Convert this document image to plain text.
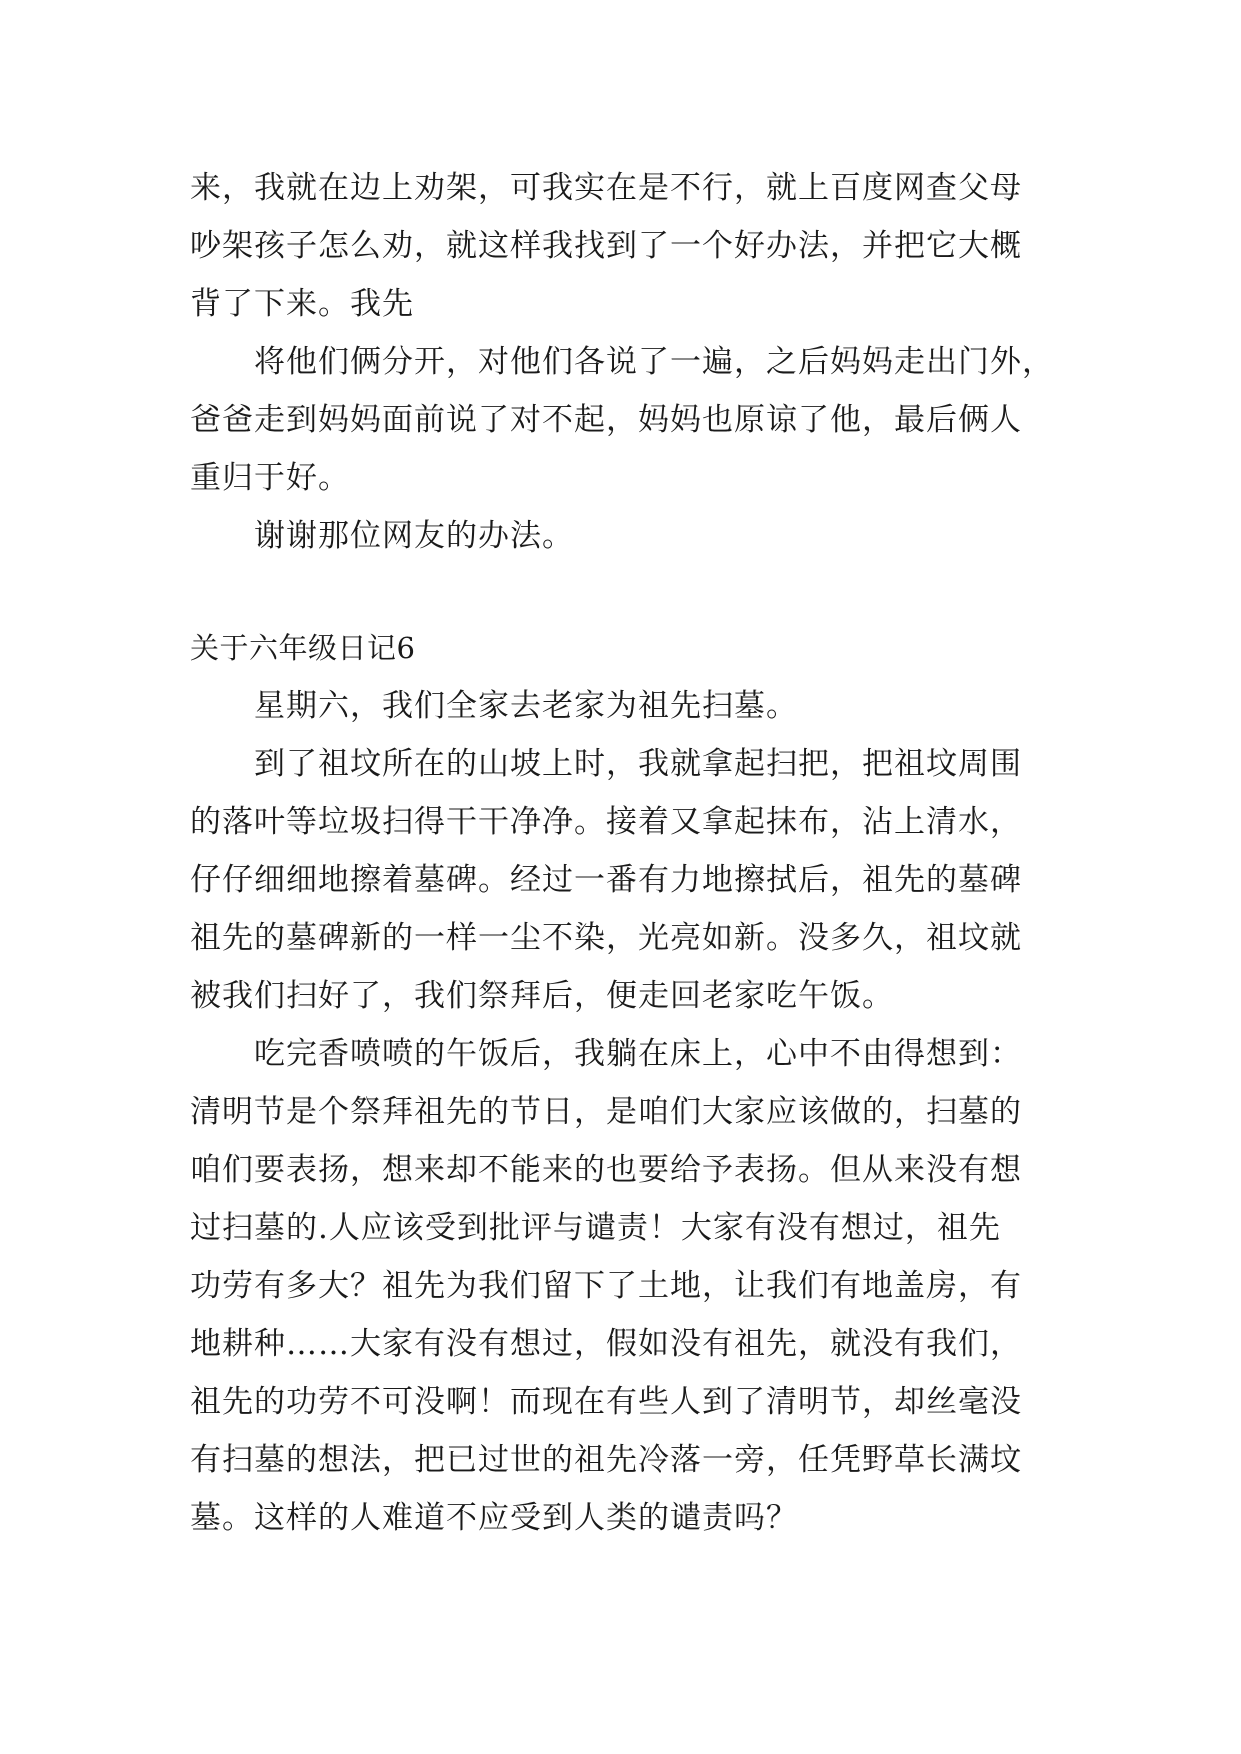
来，我就在边上劝架，可我实在是不行，就上百度网查父母
吵架孩子怎么劝，就这样我找到了一个好办法，并把它大概
背了下来。我先
将他们俩分开，对他们各说了一遍，之后妈妈走出门外，
爸爸走到妈妈面前说了对不起，妈妈也原谅了他，最后俩人
重归于好。
谢谢那位网友的办法。
关于六年级日记6
星期六，我们全家去老家为祖先扫墓。
到了祖坟所在的山坡上时，我就拿起扫把，把祖坟周围
的落叶等垃圾扫得干干净净。接着又拿起抹布，沾上清水，
仔仔细细地擦着墓碑。经过一番有力地擦拭后，祖先的墓碑
祖先的墓碑新的一样一尘不染，光亮如新。没多久，祖坟就
被我们扫好了，我们祭拜后，便走回老家吃午饭。
吃完香喷喷的午饭后，我躺在床上，心中不由得想到：
清明节是个祭拜祖先的节日，是咱们大家应该做的，扫墓的
咱们要表扬，想来却不能来的也要给予表扬。但从来没有想
过扫墓的.人应该受到批评与谴责！大家有没有想过，祖先
功劳有多大？祖先为我们留下了土地，让我们有地盖房，有
地耕种……大家有没有想过，假如没有祖先，就没有我们，
祖先的功劳不可没啊！而现在有些人到了清明节，却丝毫没
有扫墓的想法，把已过世的祖先冷落一旁，任凭野草长满坟
墓。这样的人难道不应受到人类的谴责吗？
